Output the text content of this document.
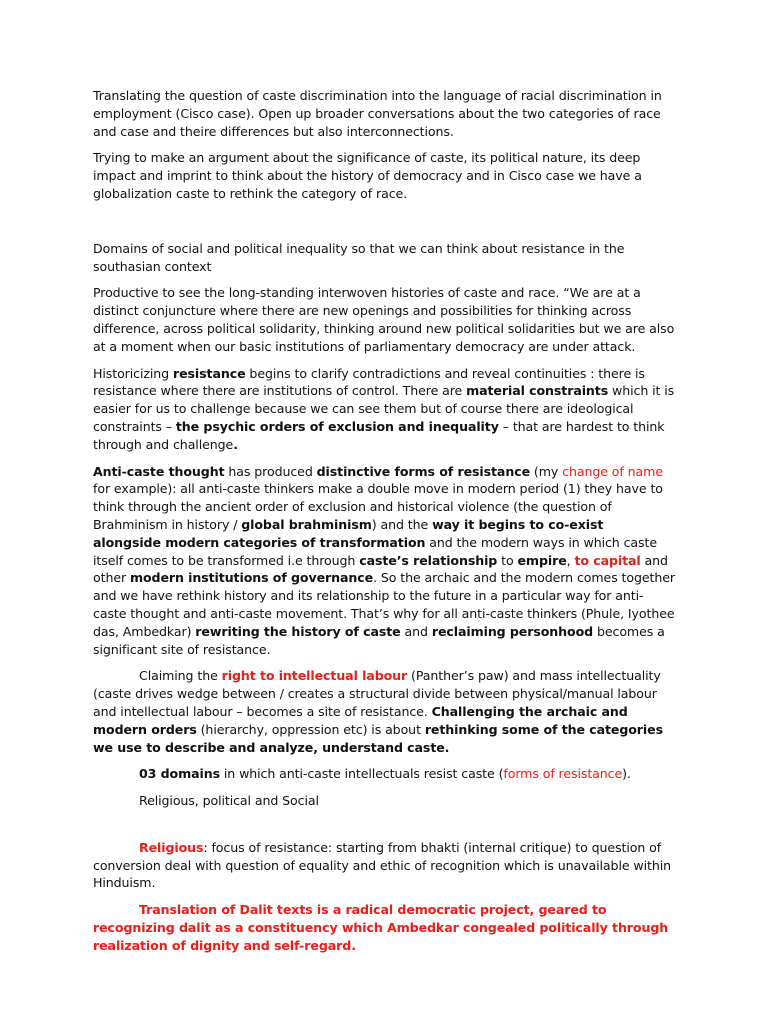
Translating the question of caste discrimination into the language of racial discrimination in employment (Cisco case). Open up broader conversations about the two categories of race and case and theire differences but also interconnections.

Trying to make an argument about the significance of caste, its political nature, its deep impact and imprint to think about the history of democracy and in Cisco case we have a globalization caste to rethink the category of race.

Domains of social and political inequality so that we can think about resistance in the southasian context

Productive to see the long-standing interwoven histories of caste and race. “We are at a distinct conjuncture where there are new openings and possibilities for thinking across difference, across political solidarity, thinking around new political solidarities but we are also at a moment when our basic institutions of parliamentary democracy are under attack.

Historicizing resistance begins to clarify contradictions and reveal continuities : there is resistance where there are institutions of control. There are material constraints which it is easier for us to challenge because we can see them but of course there are ideological constraints – the psychic orders of exclusion and inequality – that are hardest to think through and challenge.

Anti-caste thought has produced distinctive forms of resistance (my change of name for example): all anti-caste thinkers make a double move in modern period (1) they have to think through the ancient order of exclusion and historical violence (the question of Brahminism in history / global brahminism) and the way it begins to co-exist alongside modern categories of transformation and the modern ways in which caste itself comes to be transformed i.e through caste’s relationship to empire, to capital and other modern institutions of governance. So the archaic and the modern comes together and we have rethink history and its relationship to the future in a particular way for anti-caste thought and anti-caste movement. That’s why for all anti-caste thinkers (Phule, Iyothee das, Ambedkar) rewriting the history of caste and reclaiming personhood becomes a significant site of resistance.

Claiming the right to intellectual labour (Panther’s paw) and mass intellectuality (caste drives wedge between / creates a structural divide between physical/manual labour and intellectual labour – becomes a site of resistance. Challenging the archaic and modern orders (hierarchy, oppression etc) is about rethinking some of the categories we use to describe and analyze, understand caste.

03 domains in which anti-caste intellectuals resist caste (forms of resistance).

Religious, political and Social

Religious: focus of resistance: starting from bhakti (internal critique) to question of conversion deal with question of equality and ethic of recognition which is unavailable within Hinduism.

Translation of Dalit texts is a radical democratic project, geared to recognizing dalit as a constituency which Ambedkar congealed politically through realization of dignity and self-regard.
